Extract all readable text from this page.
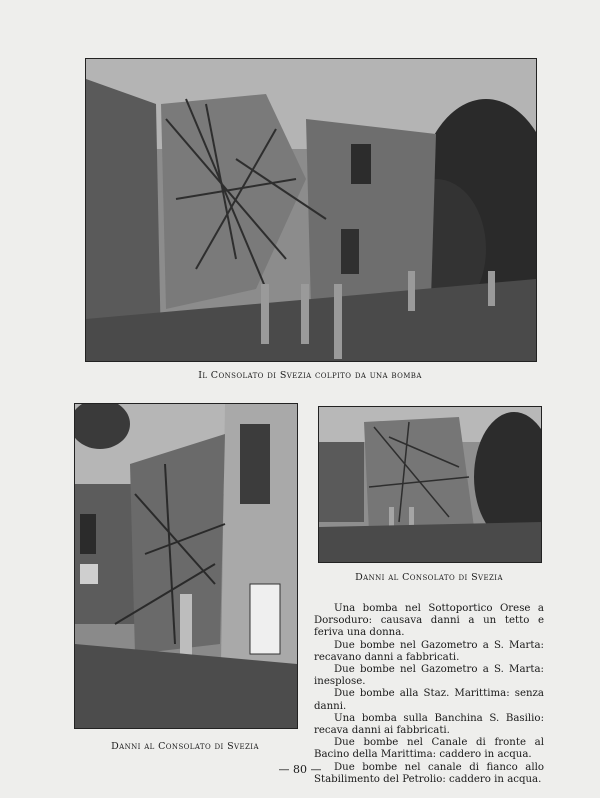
Il Consolato di Svezia colpito da una bomba
Danni al Consolato di Svezia
Danni al Consolato di Svezia

Una bomba nel Sottoportico Orese a Dorsoduro: causava danni a un tetto e feriva una donna.

Due bombe nel Gazometro a S. Marta: recavano danni a fabbricati.

Due bombe nel Gazometro a S. Marta: inesplose.

Due bombe alla Staz. Marittima: senza danni.

Una bomba sulla Banchina S. Basilio: recava danni ai fabbricati.

Due bombe nel Canale di fronte al Bacino della Marittima: caddero in acqua.

Due bombe nel canale di fianco allo Stabilimento del Petrolio: caddero in acqua.

— 80 —
